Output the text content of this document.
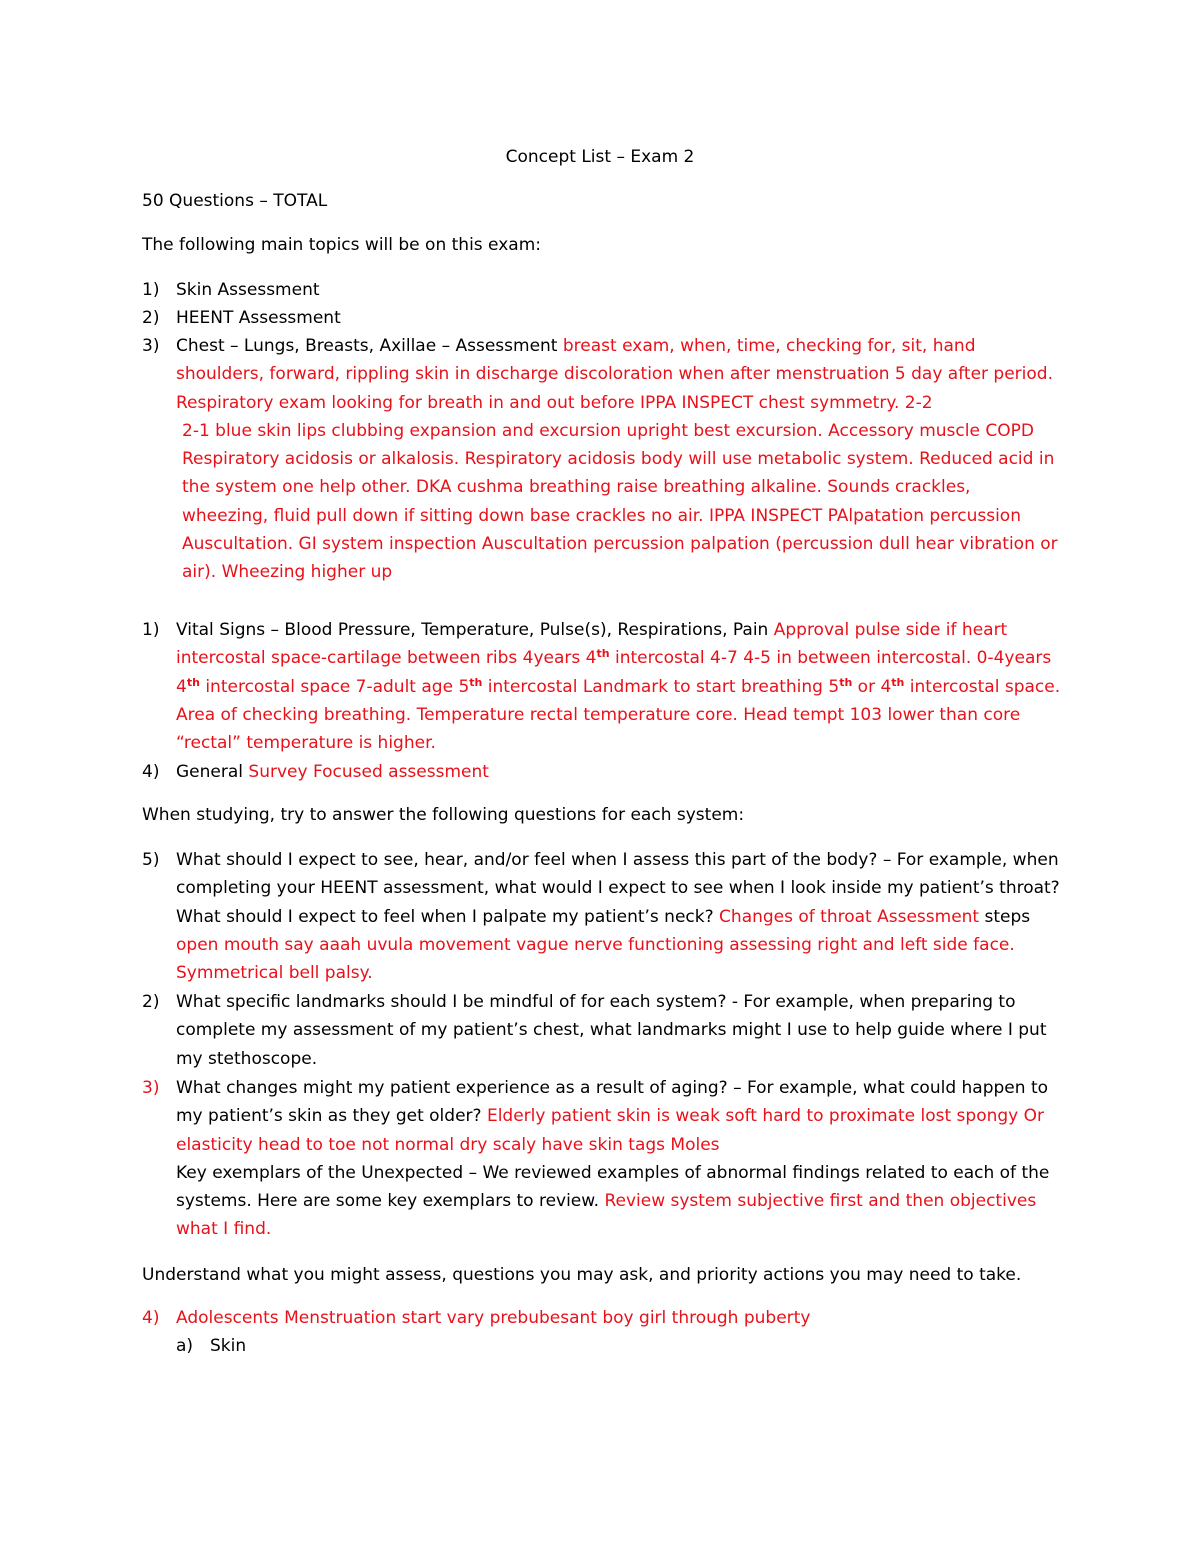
Concept List – Exam 2

50 Questions – TOTAL

The following main topics will be on this exam:

1) Skin Assessment
2) HEENT Assessment
3) Chest – Lungs, Breasts, Axillae – Assessment breast exam, when, time, checking for, sit, hand shoulders, forward, rippling skin in discharge discoloration when after menstruation 5 day after period.
Respiratory exam looking for breath in and out before IPPA INSPECT chest symmetry. 2-2
2-1 blue skin lips clubbing expansion and excursion upright best excursion. Accessory muscle COPD Respiratory acidosis or alkalosis. Respiratory acidosis body will use metabolic system. Reduced acid in the system one help other. DKA cushma breathing raise breathing alkaline. Sounds crackles, wheezing, fluid pull down if sitting down base crackles no air. IPPA INSPECT PAlpatation percussion Auscultation. GI system inspection Auscultation percussion palpation (percussion dull hear vibration or air). Wheezing higher up
1) Vital Signs – Blood Pressure, Temperature, Pulse(s), Respirations, Pain Approval pulse side if heart intercostal space-cartilage between ribs 4years 4th intercostal 4-7 4-5 in between intercostal. 0-4years 4th intercostal space 7-adult age 5th intercostal Landmark to start breathing 5th or 4th intercostal space. Area of checking breathing. Temperature rectal temperature core. Head tempt 103 lower than core “rectal” temperature is higher.
4) General Survey Focused assessment

When studying, try to answer the following questions for each system:

5) What should I expect to see, hear, and/or feel when I assess this part of the body? – For example, when completing your HEENT assessment, what would I expect to see when I look inside my patient’s throat? What should I expect to feel when I palpate my patient’s neck? Changes of throat Assessment steps open mouth say aaah uvula movement vague nerve functioning assessing right and left side face. Symmetrical bell palsy.
2) What specific landmarks should I be mindful of for each system? - For example, when preparing to complete my assessment of my patient’s chest, what landmarks might I use to help guide where I put my stethoscope.
3) What changes might my patient experience as a result of aging? – For example, what could happen to my patient’s skin as they get older? Elderly patient skin is weak soft hard to proximate lost spongy Or elasticity head to toe not normal dry scaly have skin tags Moles
Key exemplars of the Unexpected – We reviewed examples of abnormal findings related to each of the systems. Here are some key exemplars to review. Review system subjective first and then objectives what I find.

Understand what you might assess, questions you may ask, and priority actions you may need to take.

4) Adolescents Menstruation start vary prebubesant boy girl through puberty
a) Skin
